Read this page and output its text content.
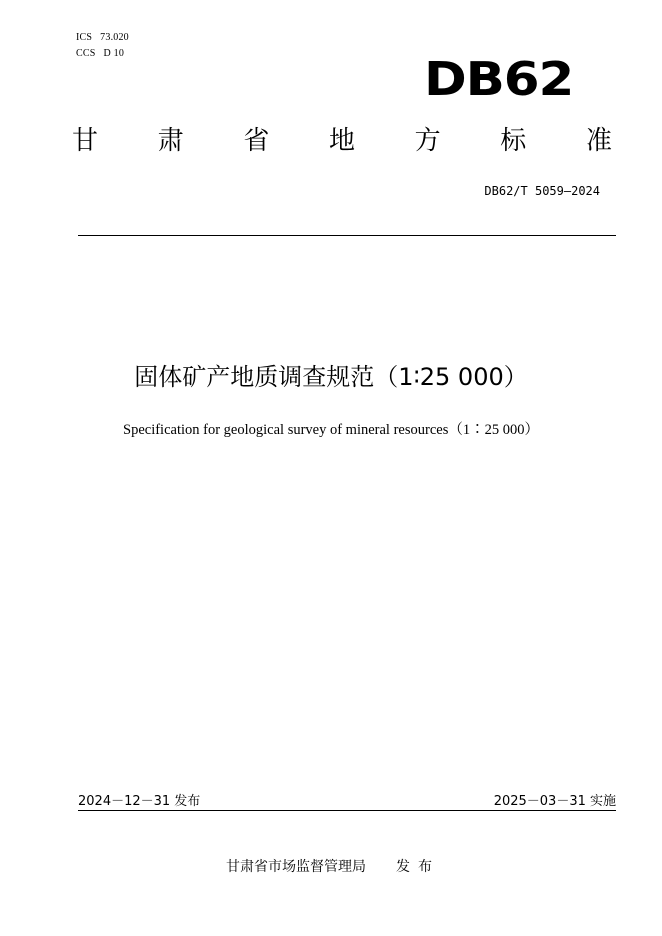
ICS 73.020
CCS D 10	DB62
甘 肃 省 地 方 标 准
DB62/T 5059—2024
固体矿产地质调查规范（1∶25 000）
Specification for geological survey of mineral resources（1∶25 000）
2024－12－31 发布	2025－03－31 实施
甘肃省市场监督管理局 发布
